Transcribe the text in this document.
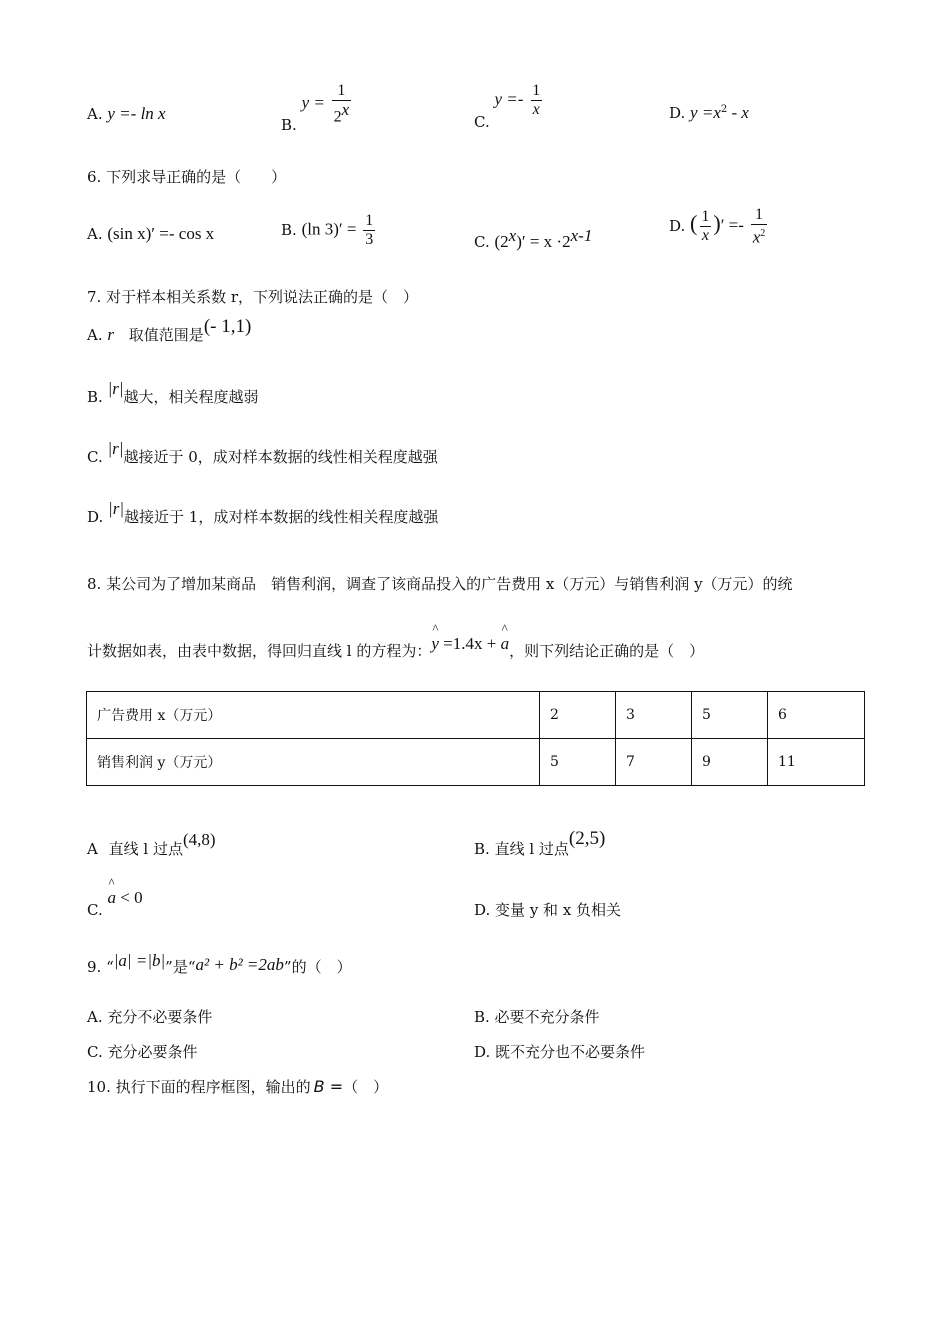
A. y =- ln x
B. $y = \frac{1}{2^x}$	C. $y =- \frac{1}{x}$	D. $y =x^2 - x$
6. 下列求导正确的是（　　）
A. (sin x)′ =- cos x	B. (ln $3)' = \frac{1}{3}$	C. $(2^x)' = x \cdot 2^{x-1}$
D. ( $\frac{1}{x}$ )′ =- $\frac{1}{x^2}$
7. 对于样本相关系数 r，下列说法正确的是（　）
A. r 取值范围是(- 1,1)
B. |r|越大，相关程度越弱
C. |r|越接近于 0，成对样本数据的线性相关程度越强
D. |r|越接近于 1，成对样本数据的线性相关程度越强
8. 某公司为了增加某商品　销售利润，调查了该商品投入的广告费用 x（万元）与销售利润 y（万元）的统
计数据如表，由表中数据，得回归直线 l 的方程为：^ y =1.4x + ^ a，则下列结论正确的是（　）
广告费用 x（万元）	2	3	5	6
销售利润 y（万元）	5	7	9	11
A 直线 l 过点(4,8)	B. 直线 l 过点(2,5)
C. ^ a < 0
D. 变量 y 和 x 负相关
9. “|a| =|b|”是“a² + b² =2ab”的（　）
A. 充分不必要条件	B. 必要不充分条件
C. 充分必要条件	D. 既不充分也不必要条件
10. 执行下面的程序框图，输出的 B =（　）
